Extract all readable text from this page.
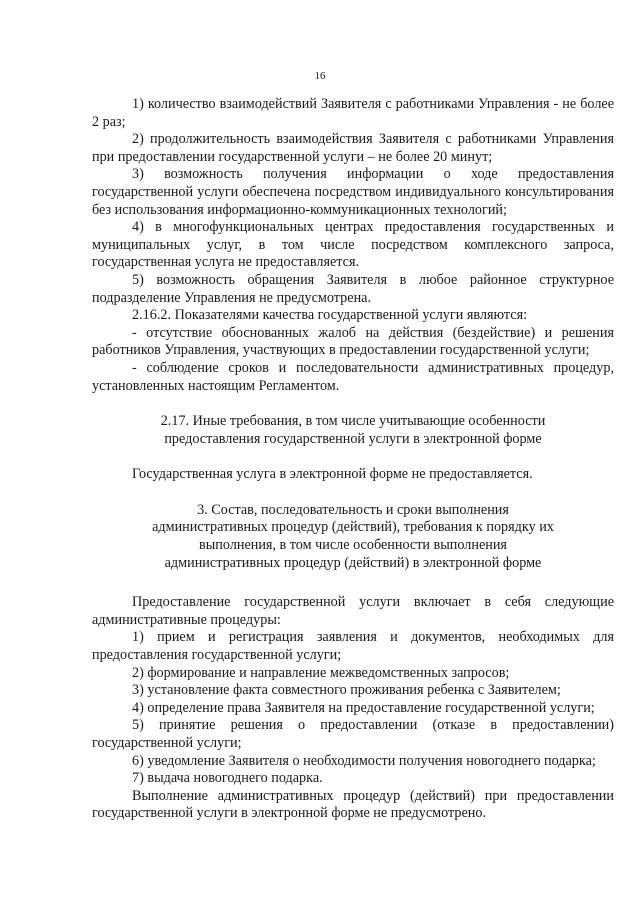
16

1) количество взаимодействий Заявителя с работниками Управления - не более 2 раз;

2) продолжительность взаимодействия Заявителя с работниками Управления при предоставлении государственной услуги – не более 20 минут;

3) возможность получения информации о ходе предоставления государственной услуги обеспечена посредством индивидуального консультирования без использования информационно-коммуникационных технологий;

4) в многофункциональных центрах предоставления государственных и муниципальных услуг, в том числе посредством комплексного запроса, государственная услуга не предоставляется.

5) возможность обращения Заявителя в любое районное структурное подразделение Управления не предусмотрена.

2.16.2. Показателями качества государственной услуги являются:

- отсутствие обоснованных жалоб на действия (бездействие) и решения работников Управления, участвующих в предоставлении государственной услуги;

- соблюдение сроков и последовательности административных процедур, установленных настоящим Регламентом.

2.17. Иные требования, в том числе учитывающие особенности предоставления государственной услуги в электронной форме

Государственная услуга в электронной форме не предоставляется.

3. Состав, последовательность и сроки выполнения административных процедур (действий), требования к порядку их выполнения, в том числе особенности выполнения административных процедур (действий) в электронной форме

Предоставление государственной услуги включает в себя следующие административные процедуры:

1) прием и регистрация заявления и документов, необходимых для предоставления государственной услуги;

2) формирование и направление межведомственных запросов;

3) установление факта совместного проживания ребенка с Заявителем;

4) определение права Заявителя на предоставление государственной услуги;

5) принятие решения о предоставлении (отказе в предоставлении) государственной услуги;

6) уведомление Заявителя о необходимости получения новогоднего подарка;

7) выдача новогоднего подарка.

Выполнение административных процедур (действий) при предоставлении государственной услуги в электронной форме не предусмотрено.
